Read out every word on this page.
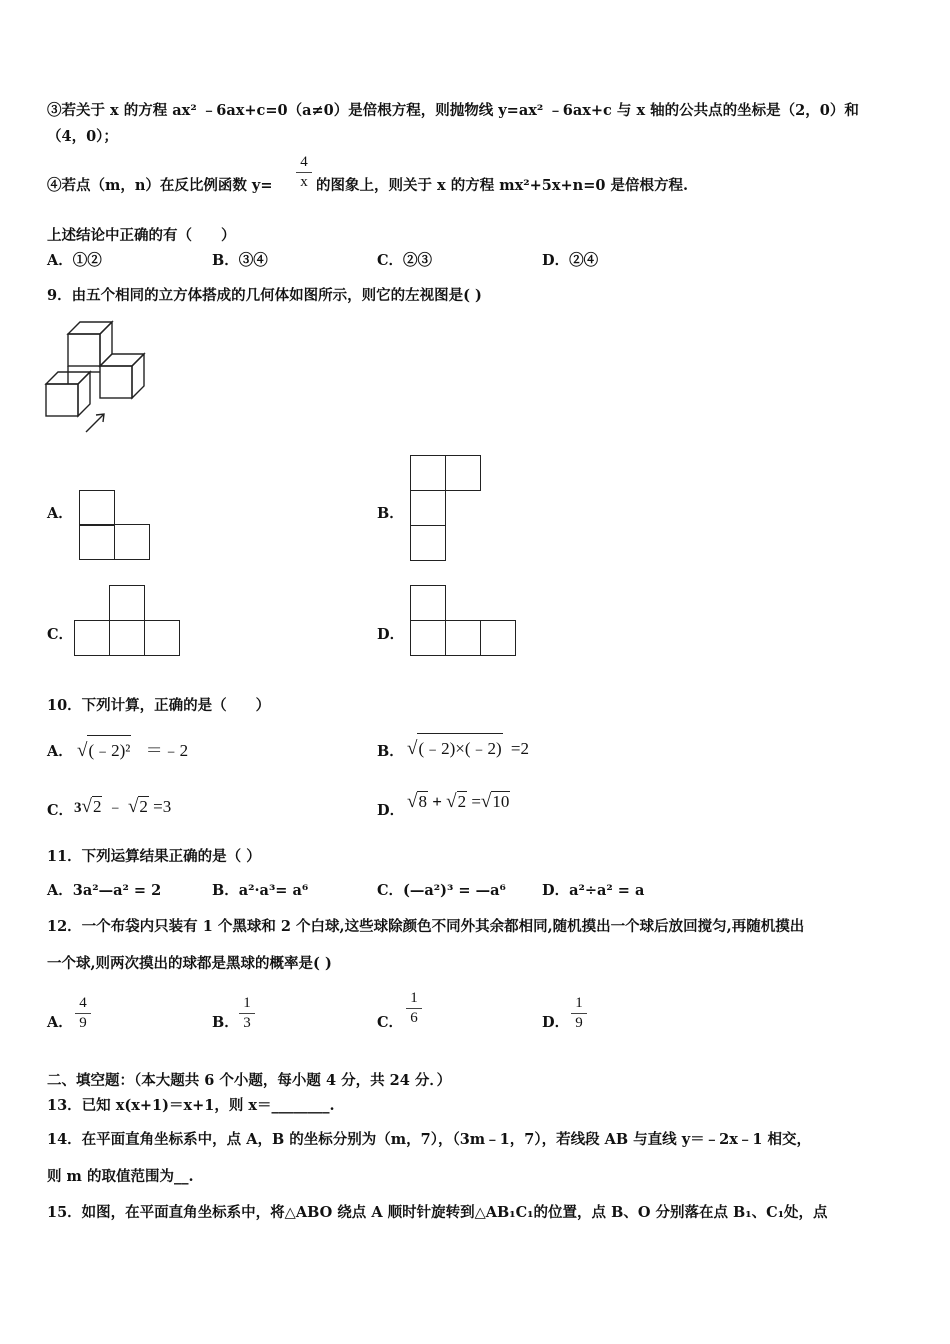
③若关于 x 的方程 ax² ﹣6ax+c=0（a≠0）是倍根方程，则抛物线 y=ax² ﹣6ax+c 与 x 轴的公共点的坐标是（2，0）和
（4，0）；
④若点（m，n）在反比例函数 $y= \frac{4}{x}$ 的图象上，则关于 x 的方程 mx²+5x+n=0 是倍根方程.
上述结论中正确的有（　　）
A．①②	B．③④	C．②③	D．②④
9．由五个相同的立方体搭成的几何体如图所示，则它的左视图是( )
A．	B．
C．	D．
10．下列计算，正确的是（　　）
A． √(﹣2)² ＝﹣2	B． √(﹣2)×(﹣2) =2
C． 3√2 ﹣ √2 =3	D． √8 + √2 =√10
11．下列运算结果正确的是（ ）
A．3a²—a² = 2	B．a²·a³= a⁶	C．(—a²)³ = —a⁶ D．a²÷a² = a
12．一个布袋内只装有 1 个黑球和 2 个白球,这些球除颜色不同外其余都相同,随机摸出一个球后放回搅匀,再随机摸出
一个球,则两次摸出的球都是黑球的概率是( )
A． $\frac{4}{9}$	B． $\frac{1}{3}$	C． $\frac{1}{6}$	D． $\frac{1}{9}$
二、填空题：（本大题共 6 个小题，每小题 4 分，共 24 分．）
13．已知 x(x+1)＝x+1，则 x＝________.
14．在平面直角坐标系中，点 A，B 的坐标分别为（m，7），（3m﹣1，7），若线段 AB 与直线 y＝﹣2x﹣1 相交，
则 m 的取值范围为__.
15．如图，在平面直角坐标系中，将△ABO 绕点 A 顺时针旋转到△AB₁C₁的位置，点 B、O 分别落在点 B₁、C₁处，点
